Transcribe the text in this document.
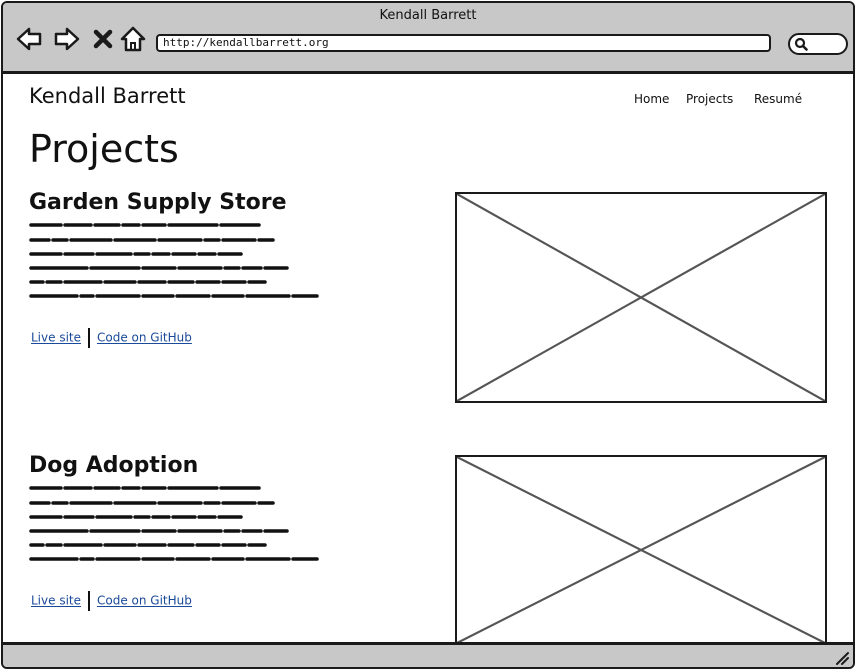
Kendall Barrett
http://kendallbarrett.org
Kendall Barrett	Home Projects Resumé
Projects
Garden Supply Store
Live site Code on GitHub
Dog Adoption
Live site Code on GitHub
